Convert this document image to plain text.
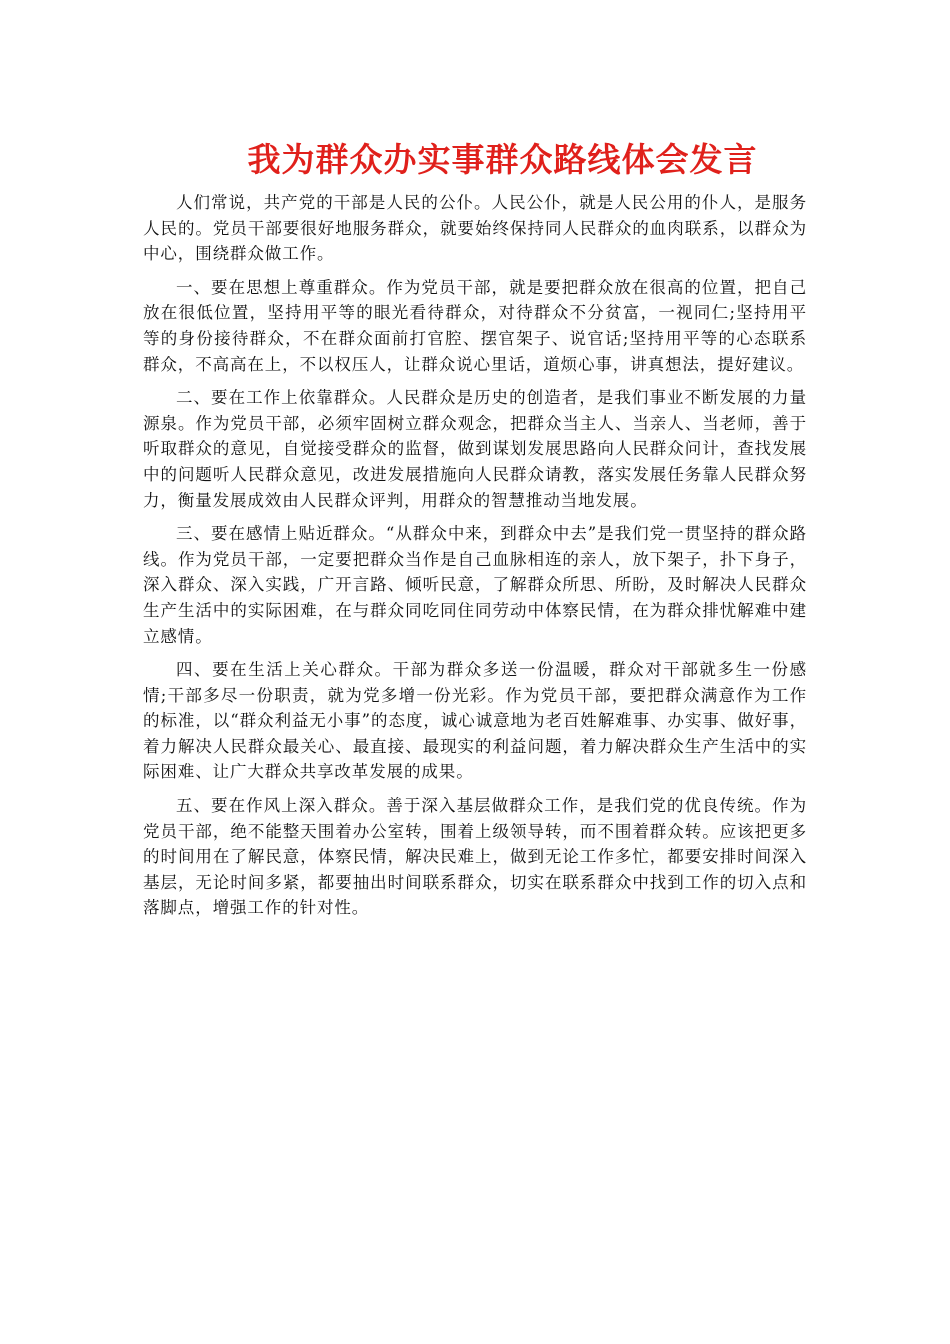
我为群众办实事群众路线体会发言

人们常说，共产党的干部是人民的公仆。人民公仆，就是人民公用的仆人，是服务人民的。党员干部要很好地服务群众，就要始终保持同人民群众的血肉联系，以群众为中心，围绕群众做工作。

一、要在思想上尊重群众。作为党员干部，就是要把群众放在很高的位置，把自己放在很低位置，坚持用平等的眼光看待群众，对待群众不分贫富，一视同仁;坚持用平等的身份接待群众，不在群众面前打官腔、摆官架子、说官话;坚持用平等的心态联系群众，不高高在上，不以权压人，让群众说心里话，道烦心事，讲真想法，提好建议。

二、要在工作上依靠群众。人民群众是历史的创造者，是我们事业不断发展的力量源泉。作为党员干部，必须牢固树立群众观念，把群众当主人、当亲人、当老师，善于听取群众的意见，自觉接受群众的监督，做到谋划发展思路向人民群众问计，查找发展中的问题听人民群众意见，改进发展措施向人民群众请教，落实发展任务靠人民群众努力，衡量发展成效由人民群众评判，用群众的智慧推动当地发展。

三、要在感情上贴近群众。“从群众中来，到群众中去”是我们党一贯坚持的群众路线。作为党员干部，一定要把群众当作是自己血脉相连的亲人，放下架子，扑下身子，深入群众、深入实践，广开言路、倾听民意，了解群众所思、所盼，及时解决人民群众生产生活中的实际困难，在与群众同吃同住同劳动中体察民情，在为群众排忧解难中建立感情。

四、要在生活上关心群众。干部为群众多送一份温暖，群众对干部就多生一份感情;干部多尽一份职责，就为党多增一份光彩。作为党员干部，要把群众满意作为工作的标准，以“群众利益无小事”的态度，诚心诚意地为老百姓解难事、办实事、做好事，着力解决人民群众最关心、最直接、最现实的利益问题，着力解决群众生产生活中的实际困难、让广大群众共享改革发展的成果。

五、要在作风上深入群众。善于深入基层做群众工作，是我们党的优良传统。作为党员干部，绝不能整天围着办公室转，围着上级领导转，而不围着群众转。应该把更多的时间用在了解民意，体察民情，解决民难上，做到无论工作多忙，都要安排时间深入基层，无论时间多紧，都要抽出时间联系群众，切实在联系群众中找到工作的切入点和落脚点，增强工作的针对性。
